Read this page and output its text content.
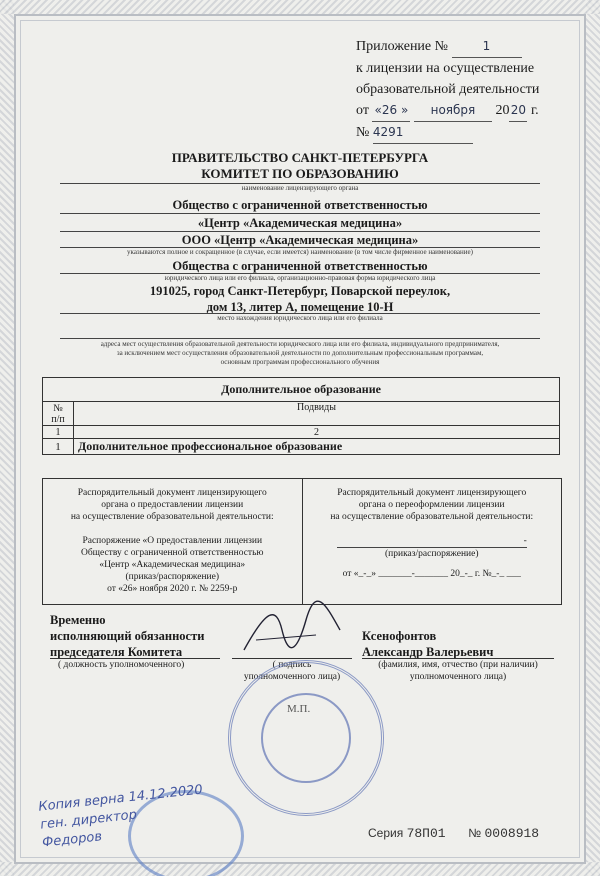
Приложение №	1
к лицензии на осуществление
образовательной деятельности
от «26 » ноября 2020 г.
№ 4291
ПРАВИТЕЛЬСТВО САНКТ-ПЕТЕРБУРГА
КОМИТЕТ ПО ОБРАЗОВАНИЮ
наименование лицензирующего органа
Общество с ограниченной ответственностью
«Центр «Академическая медицина»
ООО «Центр «Академическая медицина»
указываются полное и сокращенное (в случае, если имеется) наименование (в том числе фирменное наименование)
Общества с ограниченной ответственностью
юридического лица или его филиала, организационно-правовая форма юридического лица
191025, город Санкт-Петербург, Поварской переулок,
дом 13, литер А, помещение 10-Н
место нахождения юридического лица или его филиала
адреса мест осуществления образовательной деятельности юридического лица или его филиала, индивидуального предпринимателя,
за исключением мест осуществления образовательной деятельности по дополнительным профессиональным программам,
основным программам профессионального обучения
Дополнительное образование	

№
п/п	Подвиды
1	2
1	Дополнительное профессиональное образование
Распорядительный документ лицензирующего
органа о предоставлении лицензии
на осуществление образовательной деятельности:
Распоряжение «О предоставлении лицензии
Обществу с ограниченной ответственностью
«Центр «Академическая медицина»
(приказ/распоряжение)
от «26» ноября 2020 г. № 2259-р
Распорядительный документ лицензирующего
органа о переоформлении лицензии
на осуществление образовательной деятельности:
-
(приказ/распоряжение)
от «_-_» _______-_______ 20_-_ г. №_-_ ___
Временно
исполняющий обязанности
председателя Комитета
( должность уполномоченного)	( подпись
уполномоченного лица)
Ксенофонтов
Александр Валерьевич
(фамилия, имя, отчество (при наличии)
уполномоченного лица)
М.П.
Копия верна 14.12.2020
ген. директор
Федоров	Серия 78П01 № 0008918
